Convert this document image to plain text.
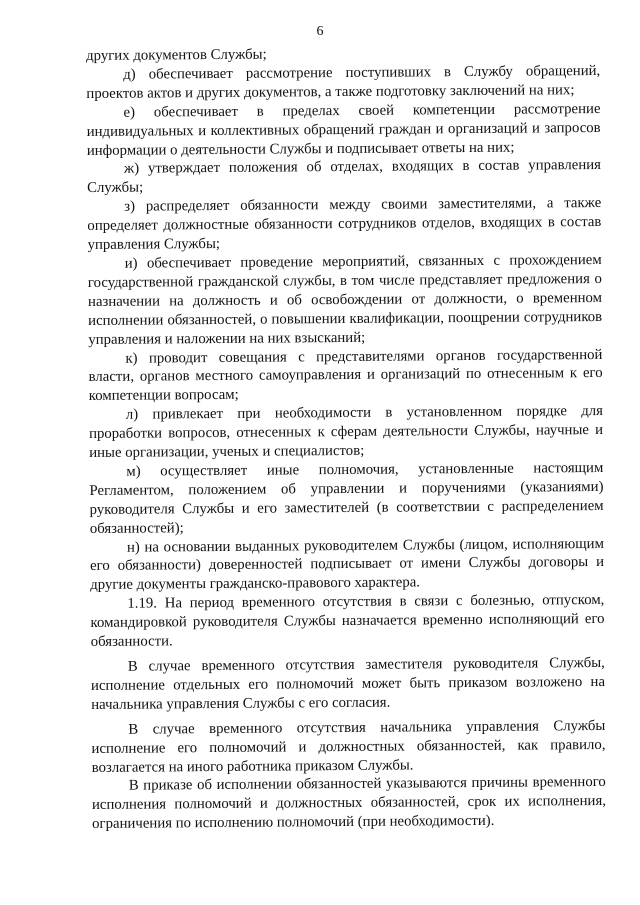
6

других документов Службы;

д) обеспечивает рассмотрение поступивших в Службу обращений, проектов актов и других документов, а также подготовку заключений на них;

е) обеспечивает в пределах своей компетенции рассмотрение индивидуальных и коллективных обращений граждан и организаций и запросов информации о деятельности Службы и подписывает ответы на них;

ж) утверждает положения об отделах, входящих в состав управления Службы;

з) распределяет обязанности между своими заместителями, а также определяет должностные обязанности сотрудников отделов, входящих в состав управления Службы;

и) обеспечивает проведение мероприятий, связанных с прохождением государственной гражданской службы, в том числе представляет предложения о назначении на должность и об освобождении от должности, о временном исполнении обязанностей, о повышении квалификации, поощрении сотрудников управления и наложении на них взысканий;

к) проводит совещания с представителями органов государственной власти, органов местного самоуправления и организаций по отнесенным к его компетенции вопросам;

л) привлекает при необходимости в установленном порядке для проработки вопросов, отнесенных к сферам деятельности Службы, научные и иные организации, ученых и специалистов;

м) осуществляет иные полномочия, установленные настоящим Регламентом, положением об управлении и поручениями (указаниями) руководителя Службы и его заместителей (в соответствии с распределением обязанностей);

н) на основании выданных руководителем Службы (лицом, исполняющим его обязанности) доверенностей подписывает от имени Службы договоры и другие документы гражданско-правового характера.

1.19. На период временного отсутствия в связи с болезнью, отпуском, командировкой руководителя Службы назначается временно исполняющий его обязанности.

В случае временного отсутствия заместителя руководителя Службы, исполнение отдельных его полномочий может быть приказом возложено на начальника управления Службы с его согласия.

В случае временного отсутствия начальника управления Службы исполнение его полномочий и должностных обязанностей, как правило, возлагается на иного работника приказом Службы.

В приказе об исполнении обязанностей указываются причины временного исполнения полномочий и должностных обязанностей, срок их исполнения, ограничения по исполнению полномочий (при необходимости).
